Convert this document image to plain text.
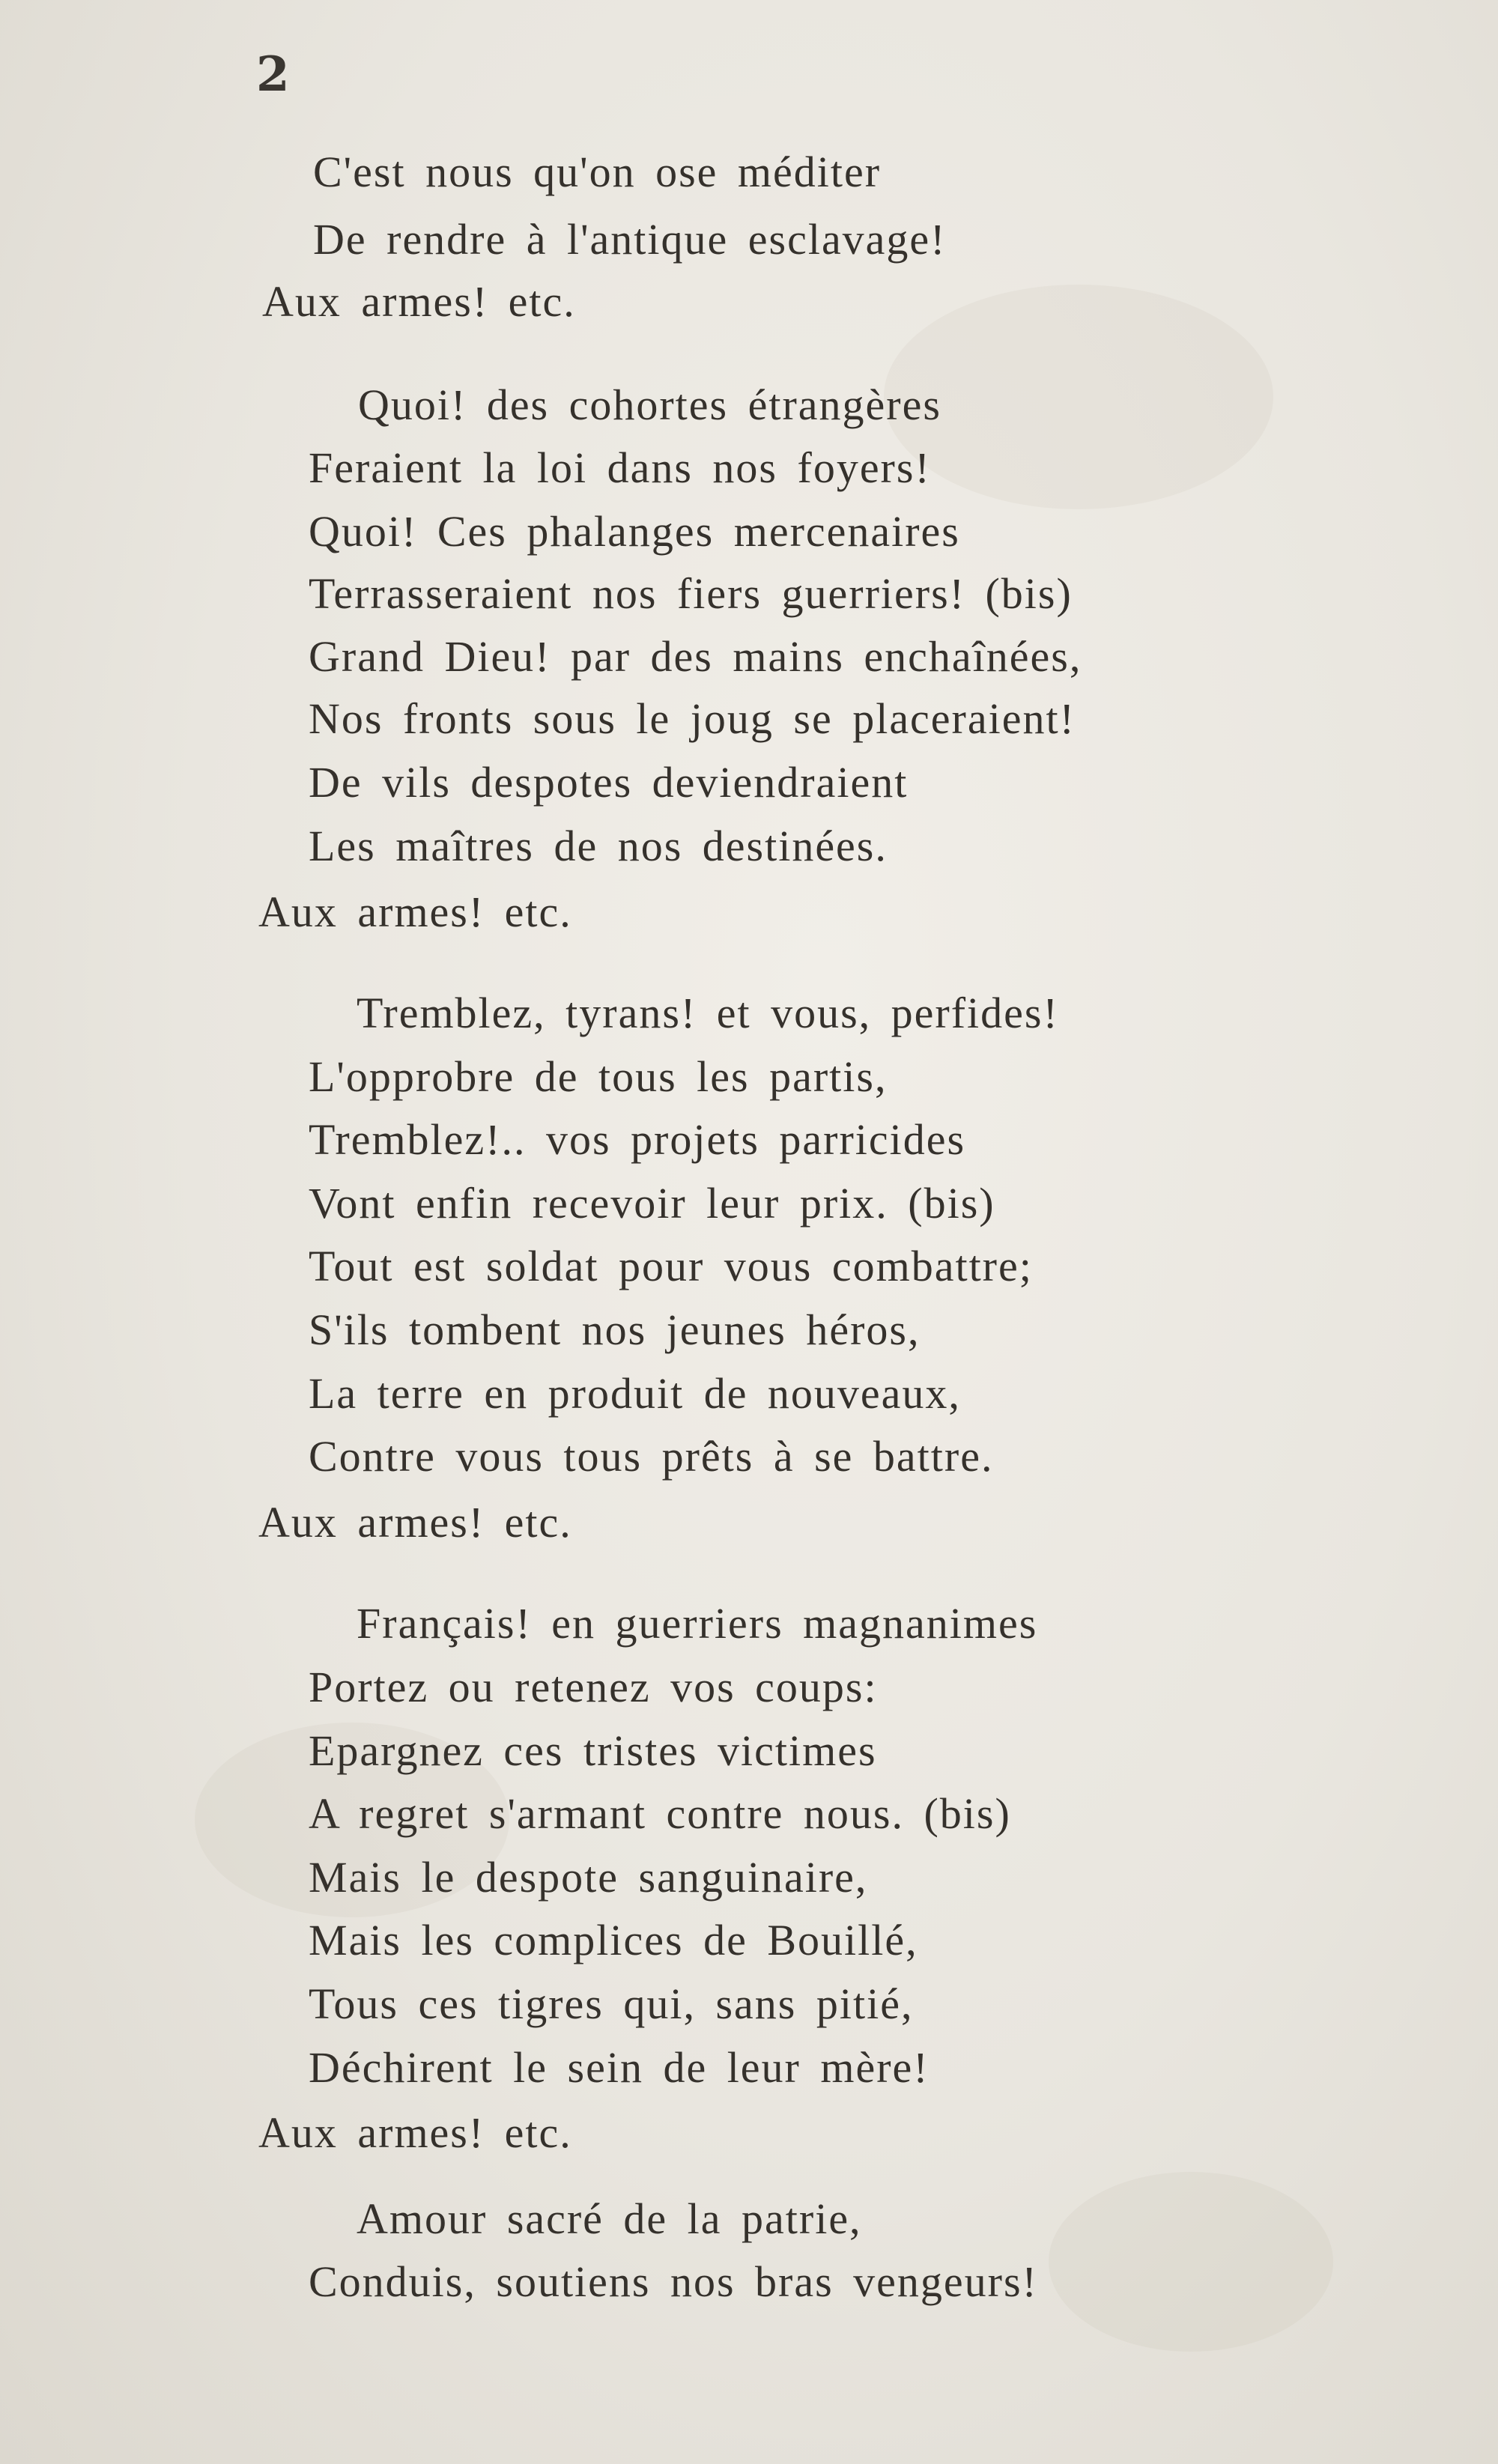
2

C'est nous qu'on ose méditer

De rendre à l'antique esclavage!

Aux armes! etc.

Quoi! des cohortes étrangères

Feraient la loi dans nos foyers!

Quoi! Ces phalanges mercenaires

Terrasseraient nos fiers guerriers! (bis)

Grand Dieu! par des mains enchaînées,

Nos fronts sous le joug se placeraient!

De vils despotes deviendraient

Les maîtres de nos destinées.

Aux armes! etc.

Tremblez, tyrans! et vous, perfides!

L'opprobre de tous les partis,

Tremblez!.. vos projets parricides

Vont enfin recevoir leur prix. (bis)

Tout est soldat pour vous combattre;

S'ils tombent nos jeunes héros,

La terre en produit de nouveaux,

Contre vous tous prêts à se battre.

Aux armes! etc.

Français! en guerriers magnanimes

Portez ou retenez vos coups:

Epargnez ces tristes victimes

A regret s'armant contre nous. (bis)

Mais le despote sanguinaire,

Mais les complices de Bouillé,

Tous ces tigres qui, sans pitié,

Déchirent le sein de leur mère!

Aux armes! etc.

Amour sacré de la patrie,

Conduis, soutiens nos bras vengeurs!
